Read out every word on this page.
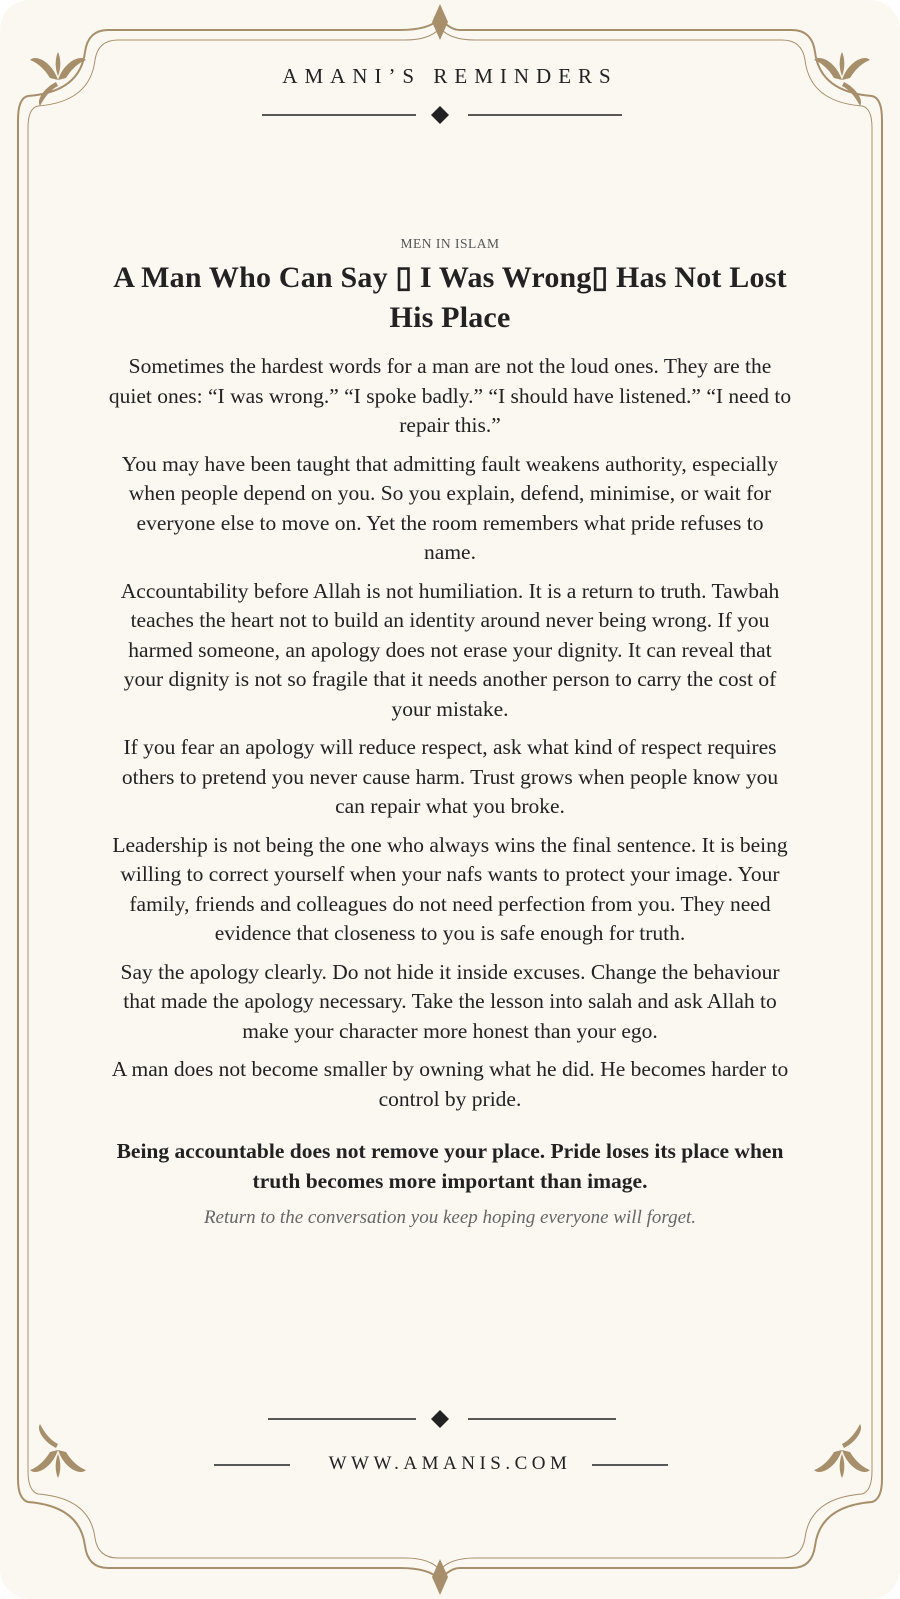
AMANI’S REMINDERS
MEN IN ISLAM
A Man Who Can Say ▯ I Was Wrong▯ Has Not Lost His Place

Sometimes the hardest words for a man are not the loud ones. They are the quiet ones: “I was wrong.” “I spoke badly.” “I should have listened.” “I need to repair this.”

You may have been taught that admitting fault weakens authority, especially when people depend on you. So you explain, defend, minimise, or wait for everyone else to move on. Yet the room remembers what pride refuses to name.

Accountability before Allah is not humiliation. It is a return to truth. Tawbah teaches the heart not to build an identity around never being wrong. If you harmed someone, an apology does not erase your dignity. It can reveal that your dignity is not so fragile that it needs another person to carry the cost of your mistake.

If you fear an apology will reduce respect, ask what kind of respect requires others to pretend you never cause harm. Trust grows when people know you can repair what you broke.

Leadership is not being the one who always wins the final sentence. It is being willing to correct yourself when your nafs wants to protect your image. Your family, friends and colleagues do not need perfection from you. They need evidence that closeness to you is safe enough for truth.

Say the apology clearly. Do not hide it inside excuses. Change the behaviour that made the apology necessary. Take the lesson into salah and ask Allah to make your character more honest than your ego.

A man does not become smaller by owning what he did. He becomes harder to control by pride.

Being accountable does not remove your place. Pride loses its place when truth becomes more important than image.

Return to the conversation you keep hoping everyone will forget.

WWW.AMANIS.COM
